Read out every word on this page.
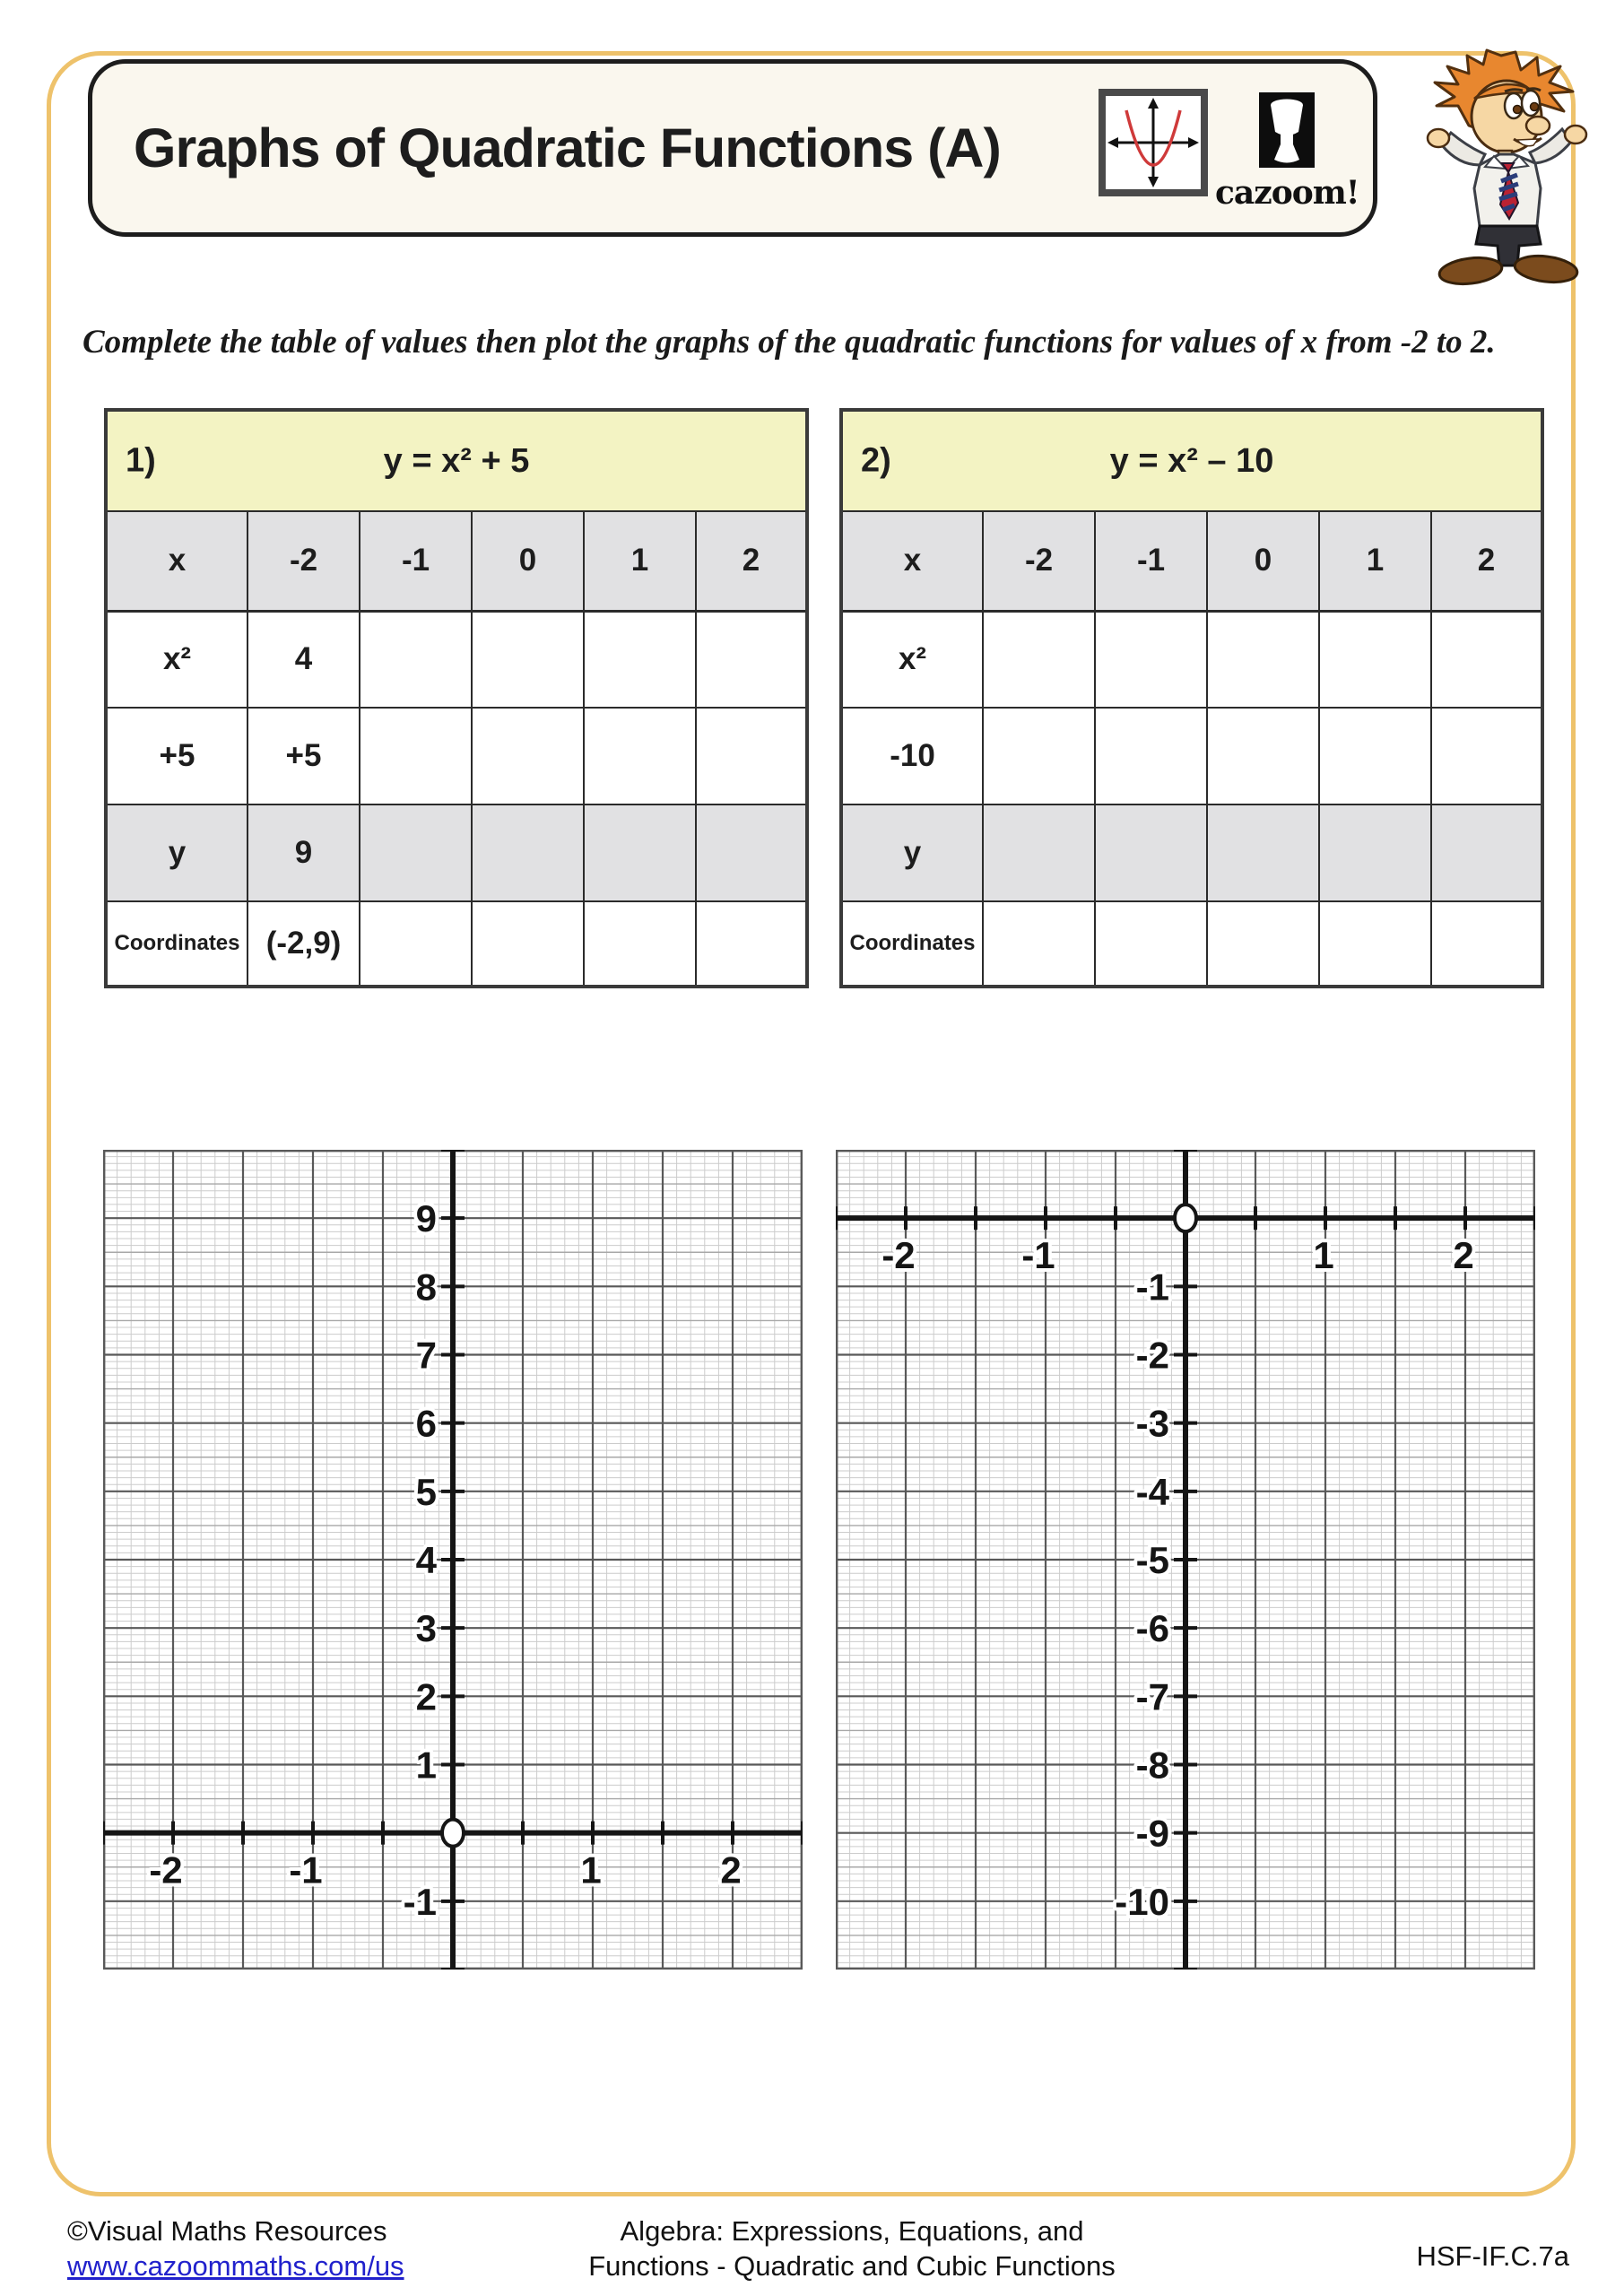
Graphs of Quadratic Functions (A)
cazoom!
Complete the table of values then plot the graphs of the quadratic functions for values of x from -2 to 2.
1) y = x² + 5					
x	-2	-1	0	1	2
x²	4				
+5	+5				
y	9				
Coordinates	(-2,9)				
2) y = x² – 10					
x	-2	-1	0	1	2
x²					
-10					
y					
Coordinates					
9
8
7
6
5
4
3
2
1
-1
-2	-1	1	2
-1
-2
-3
-4
-5
-6
-7
-8
-9
-10
-2	-1	1	2
©Visual Maths Resources
www.cazoommaths.com/us
Algebra: Expressions, Equations, and
Functions - Quadratic and Cubic Functions	HSF-IF.C.7a
